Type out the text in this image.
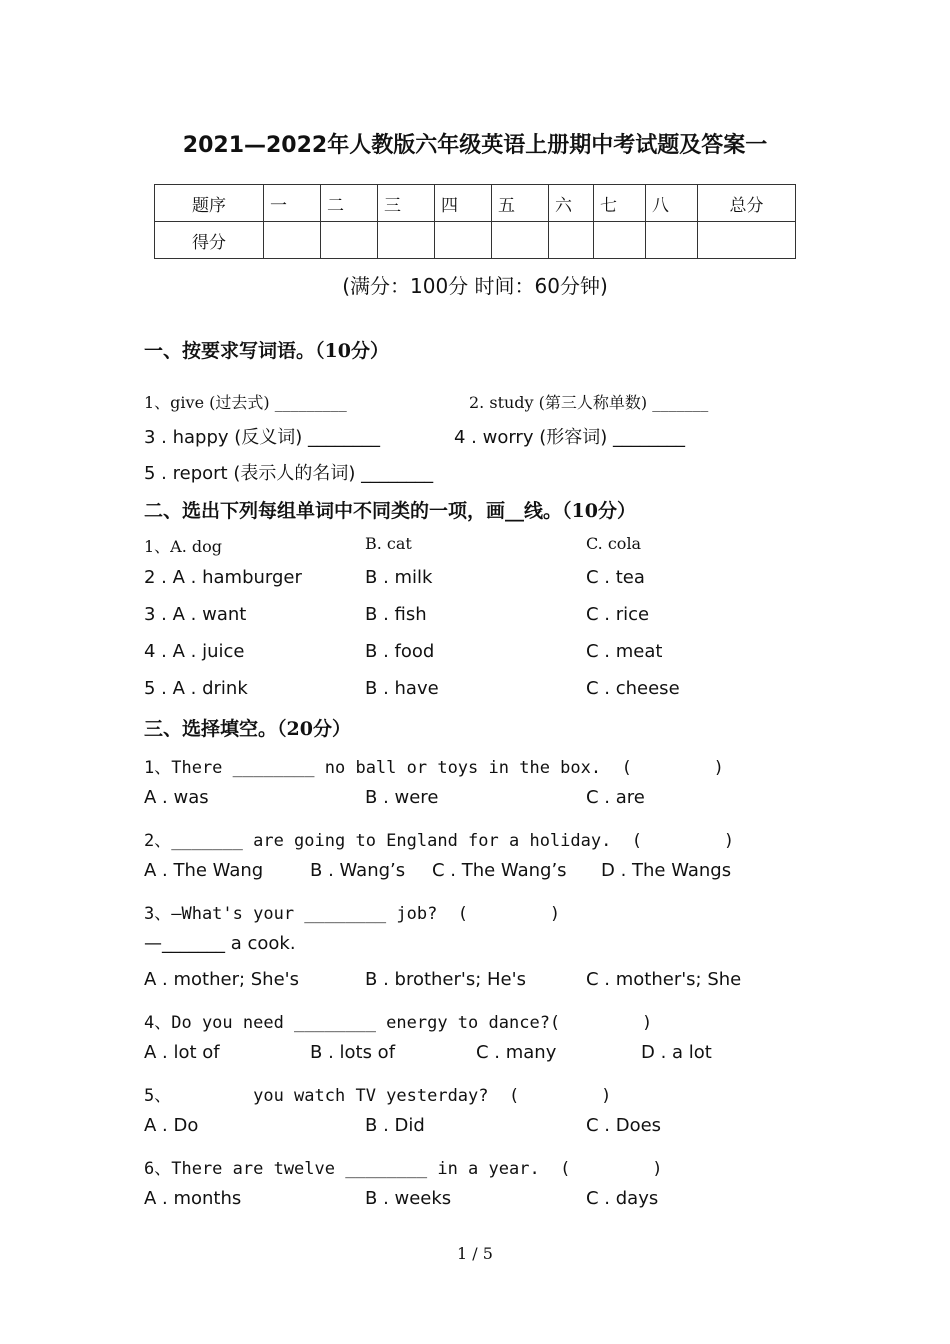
2021—2022年人教版六年级英语上册期中考试题及答案一
题序	一	二	三	四	五	六	七	八	总分
得分									
(满分：100分 时间：60分钟)
一、按要求写词语。（10分）
1、give (过去式) _________	2. study (第三人称单数) _______
3 . happy (反义词) ________	4 . worry (形容词) ________
5 . report (表示人的名词) ________
二、选出下列每组单词中不同类的一项，画__线。（10分）
1、A. dog	B. cat	C. cola
2 . A . hamburger	B . milk	C . tea
3 . A . want	B . fish	C . rice
4 . A . juice	B . food	C . meat
5 . A . drink	B . have	C . cheese
三、选择填空。（20分）
1、There ________ no ball or toys in the box.  (        )
A . was	B . were	C . are
2、_______ are going to England for a holiday.  (        )
A . The Wang	B . Wang’s C . The Wang’s D . The Wangs
3、—What's your ________ job?  (        )
—_______ a cook.
A . mother; She's	B . brother's; He's	C . mother's; She
4、Do you need ________ energy to dance?(        )
A . lot of	B . lots of	C . many	D . a lot
5、        you watch TV yesterday?  (        )
A . Do	B . Did	C . Does
6、There are twelve ________ in a year.  (        )
A . months	B . weeks	C . days
1 / 5
